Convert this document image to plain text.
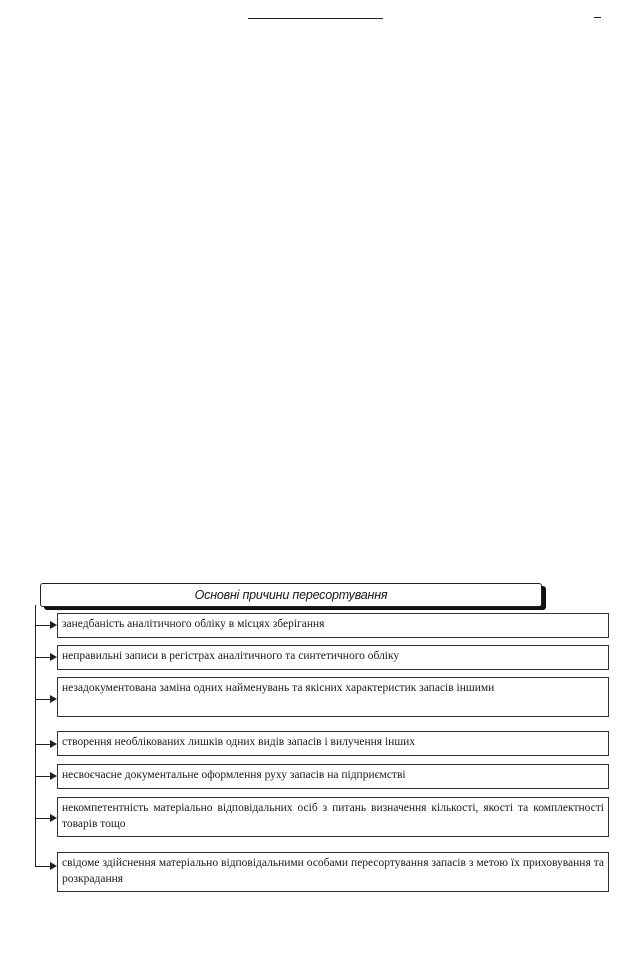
Основні причини пересортування
занедбаність аналітичного обліку в місцях зберігання
неправильні записи в регістрах аналітичного та синтетичного обліку
незадокументована заміна одних найменувань та якісних характеристик запасів іншими
створення необлікованих лишків одних видів запасів і вилучення інших
несвоєчасне документальне оформлення руху запасів на підприємстві
некомпетентність матеріально відповідальних осіб з питань визначення кількості, якості та комплектності товарів тощо
свідоме здійснення матеріально відповідальними особами пересортування запасів з метою їх приховування та розкрадання
